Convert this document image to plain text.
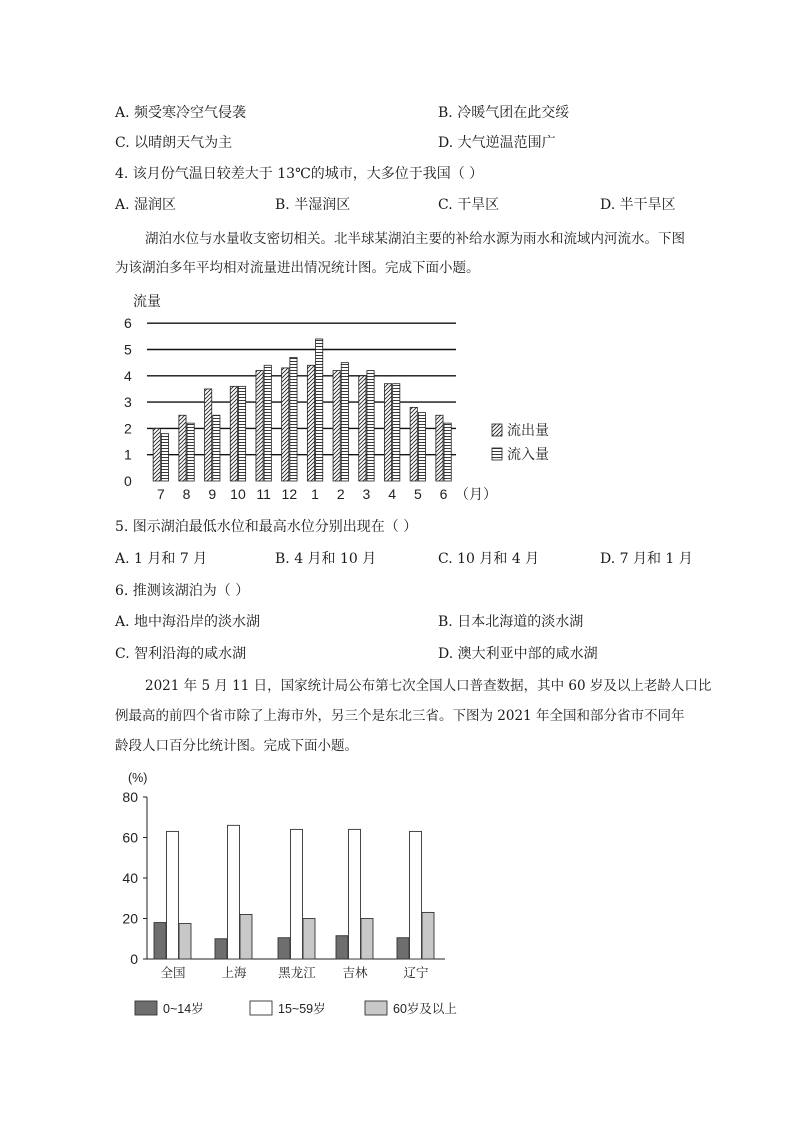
A. 频受寒冷空气侵袭	B. 冷暖气团在此交绥
C. 以晴朗天气为主	D. 大气逆温范围广
4. 该月份气温日较差大于 13℃的城市，大多位于我国（ ）
A. 湿润区	B. 半湿润区	C. 干旱区	D. 半干旱区
湖泊水位与水量收支密切相关。北半球某湖泊主要的补给水源为雨水和流域内河流水。下图
为该湖泊多年平均相对流量进出情况统计图。完成下面小题。
0
1
2
3
4
5
6
流量
7 8 9 10 11 12 1 2 3 4 5 6 （月）
流出量
流入量
5. 图示湖泊最低水位和最高水位分别出现在（ ）
A. 1 月和 7 月	B. 4 月和 10 月	C. 10 月和 4 月	D. 7 月和 1 月
6. 推测该湖泊为（ ）
A. 地中海沿岸的淡水湖	B. 日本北海道的淡水湖
C. 智利沿海的咸水湖	D. 澳大利亚中部的咸水湖
2021 年 5 月 11 日，国家统计局公布第七次全国人口普查数据，其中 60 岁及以上老龄人口比
例最高的前四个省市除了上海市外，另三个是东北三省。下图为 2021 年全国和部分省市不同年
龄段人口百分比统计图。完成下面小题。
0
20
40
60
80
(%)
全国	上海	黑龙江 吉林	辽宁
0~14岁	15~59岁	60岁及以上
